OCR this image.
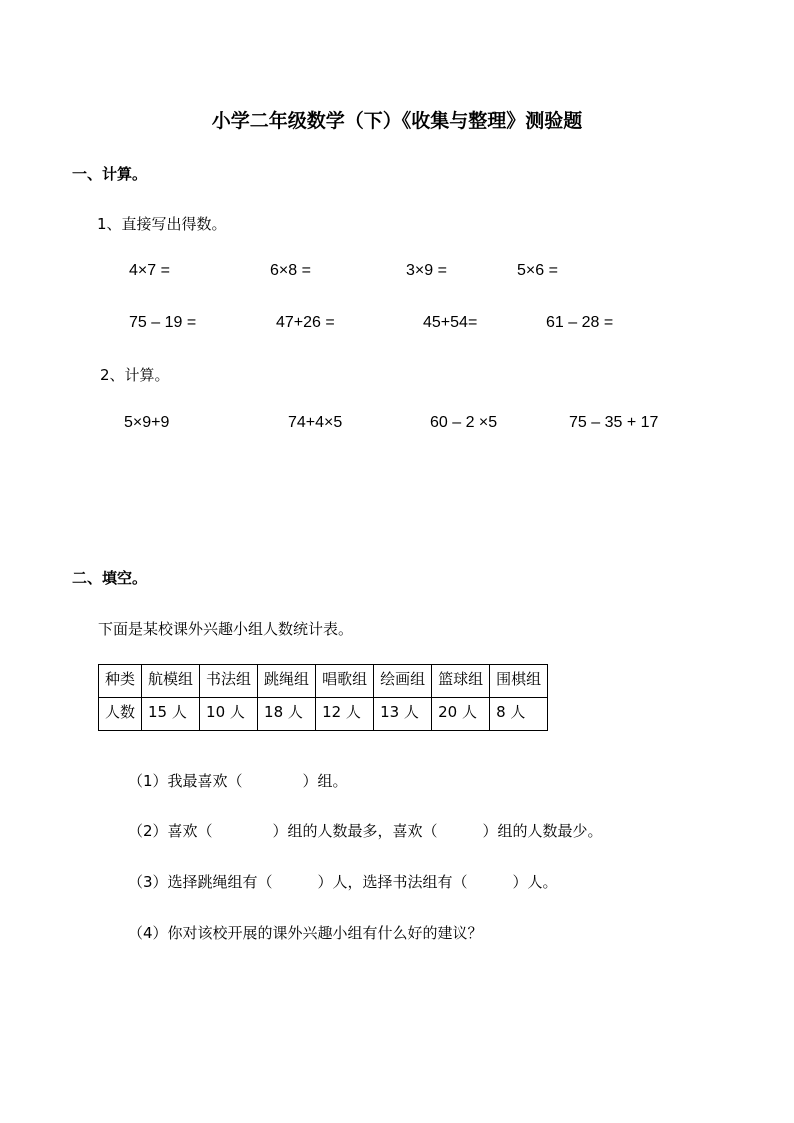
小学二年级数学（下）《收集与整理》测验题
一、计算。
1、直接写出得数。
4×7 =	6×8 =	3×9 =	5×6 =
75 – 19 =	47+26 =	45+54=	61 – 28 =
2、计算。
5×9+9	74+4×5	60 – 2 ×5	75 – 35 + 17
二、填空。
下面是某校课外兴趣小组人数统计表。
种类	航模组	书法组	跳绳组	唱歌组	绘画组	篮球组	围棋组
人数	15 人	10 人	18 人	12 人	13 人	20 人	8 人
（1）我最喜欢（　　　　）组。
（2）喜欢（　　　　）组的人数最多，喜欢（　　　）组的人数最少。
（3）选择跳绳组有（　　　）人，选择书法组有（　　　）人。
（4）你对该校开展的课外兴趣小组有什么好的建议？
